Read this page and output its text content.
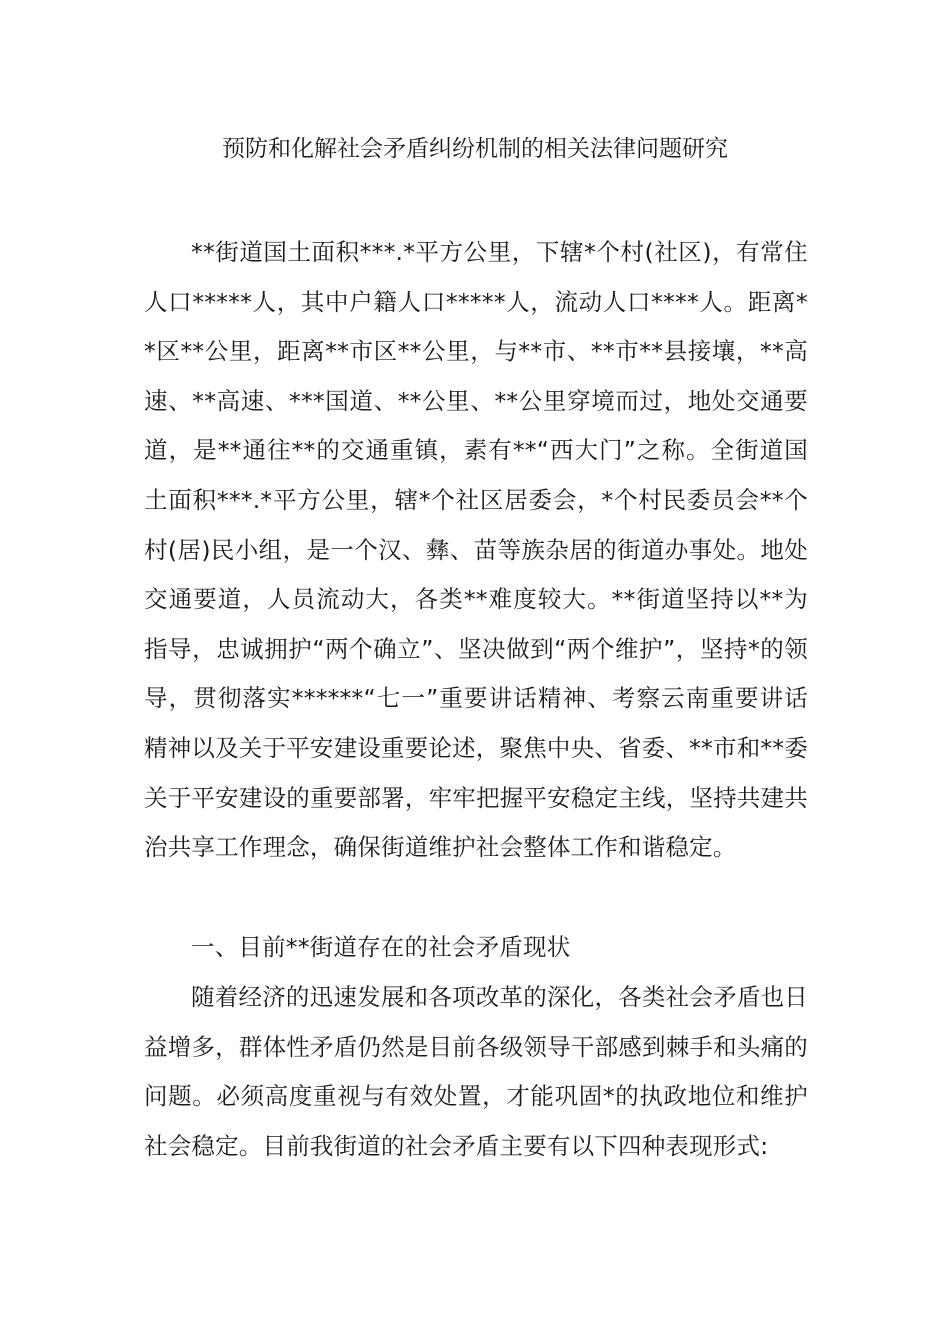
预防和化解社会矛盾纠纷机制的相关法律问题研究

**街道国土面积***.*平方公里，下辖*个村(社区)，有常住人口*****人，其中户籍人口*****人，流动人口****人。距离**区**公里，距离**市区**公里，与**市、**市**县接壤，**高速、**高速、***国道、**公里、**公里穿境而过，地处交通要道，是**通往**的交通重镇，素有**“西大门”之称。全街道国土面积***.*平方公里，辖*个社区居委会，*个村民委员会**个村(居)民小组，是一个汉、彝、苗等族杂居的街道办事处。地处交通要道，人员流动大，各类**难度较大。**街道坚持以**为指导，忠诚拥护“两个确立”、坚决做到“两个维护”，坚持*的领导，贯彻落实******“七一”重要讲话精神、考察云南重要讲话精神以及关于平安建设重要论述，聚焦中央、省委、**市和**委关于平安建设的重要部署，牢牢把握平安稳定主线，坚持共建共治共享工作理念，确保街道维护社会整体工作和谐稳定。

一、目前**街道存在的社会矛盾现状

随着经济的迅速发展和各项改革的深化，各类社会矛盾也日益增多，群体性矛盾仍然是目前各级领导干部感到棘手和头痛的问题。必须高度重视与有效处置，才能巩固*的执政地位和维护社会稳定。目前我街道的社会矛盾主要有以下四种表现形式:
